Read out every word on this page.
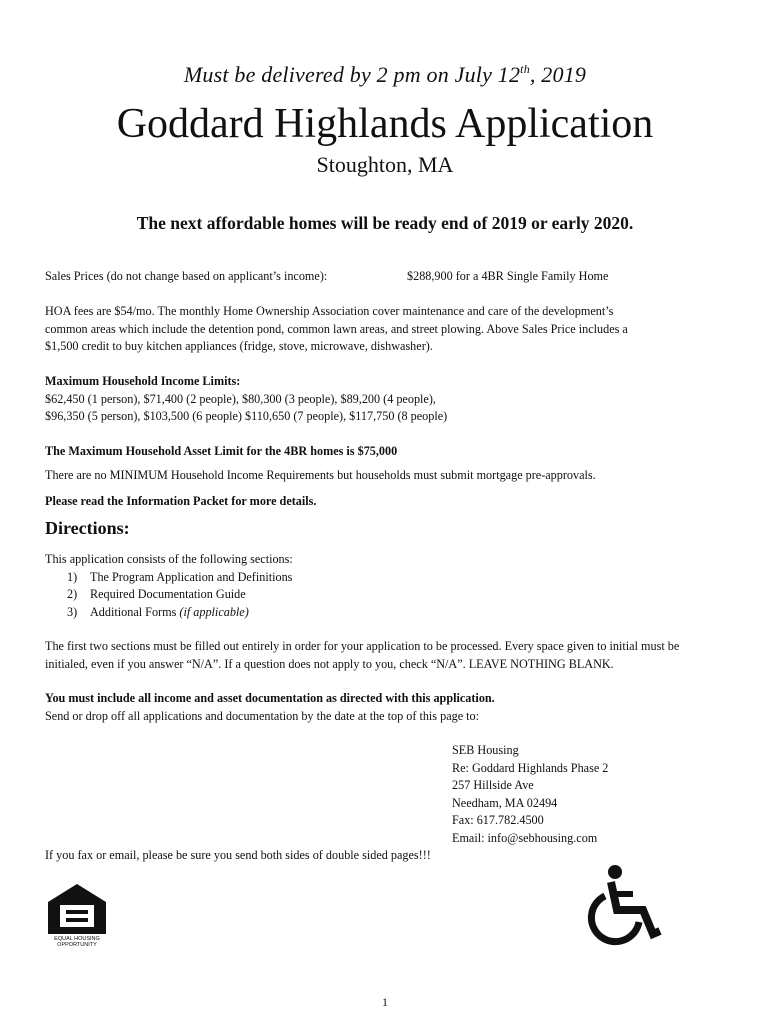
Must be delivered by 2 pm on July 12th, 2019
Goddard Highlands Application
Stoughton, MA
The next affordable homes will be ready end of 2019 or early 2020.
Sales Prices (do not change based on applicant’s income):	$288,900 for a 4BR Single Family Home
HOA fees are $54/mo. The monthly Home Ownership Association cover maintenance and care of the development’s
common areas which include the detention pond, common lawn areas, and street plowing. Above Sales Price includes a
$1,500 credit to buy kitchen appliances (fridge, stove, microwave, dishwasher).
Maximum Household Income Limits:
$62,450 (1 person), $71,400 (2 people), $80,300 (3 people), $89,200 (4 people),
$96,350 (5 person), $103,500 (6 people) $110,650 (7 people), $117,750 (8 people)
The Maximum Household Asset Limit for the 4BR homes is $75,000
There are no MINIMUM Household Income Requirements but households must submit mortgage pre-approvals.
Please read the Information Packet for more details.
Directions:
This application consists of the following sections:
1) The Program Application and Definitions
2) Required Documentation Guide
3) Additional Forms (if applicable)
The first two sections must be filled out entirely in order for your application to be processed. Every space given to initial must be
initialed, even if you answer “N/A”. If a question does not apply to you, check “N/A”. LEAVE NOTHING BLANK.
You must include all income and asset documentation as directed with this application.
Send or drop off all applications and documentation by the date at the top of this page to:
SEB Housing
Re: Goddard Highlands Phase 2
257 Hillside Ave
Needham, MA 02494
Fax: 617.782.4500
Email: info@sebhousing.com
If you fax or email, please be sure you send both sides of double sided pages!!!
EQUAL HOUSING
OPPORTUNITY
1
